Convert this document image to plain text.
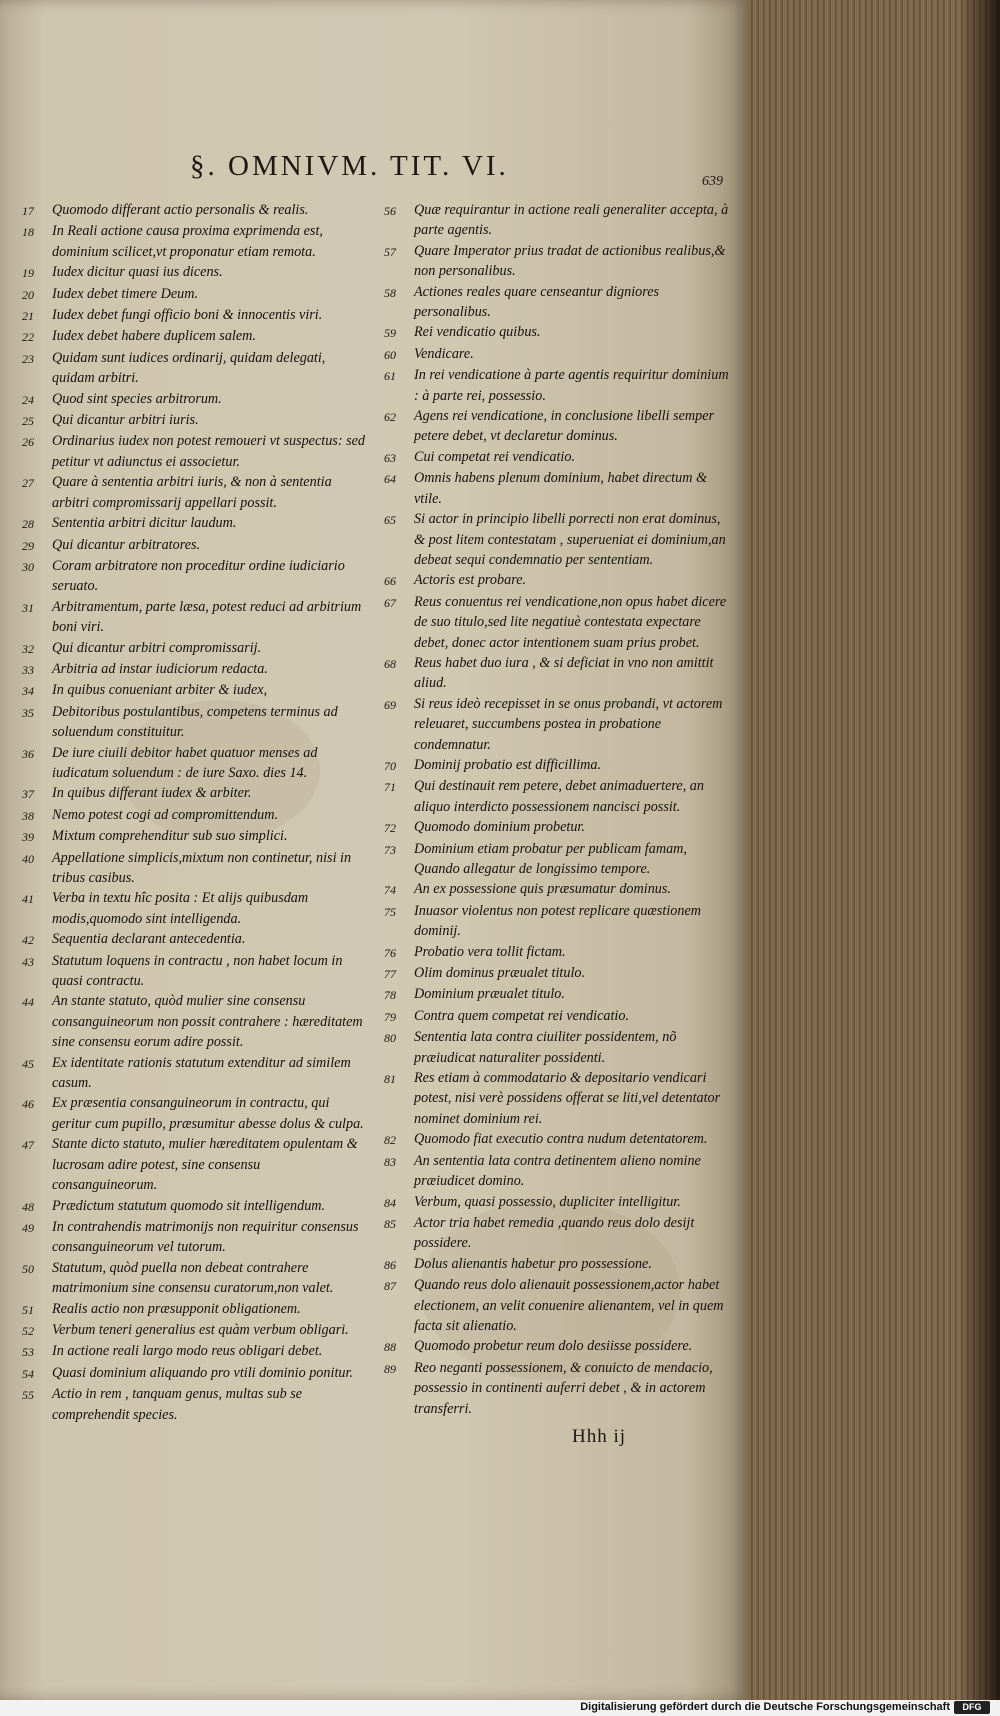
§. OMNIVM. TIT. VI.	639
17	Quomodo differant actio personalis & realis.
18	In Reali actione causa proxima exprimenda est, dominium scilicet,vt proponatur etiam remota.
19	Iudex dicitur quasi ius dicens.
20	Iudex debet timere Deum.
21	Iudex debet fungi officio boni & innocentis viri.
22	Iudex debet habere duplicem salem.
23	Quidam sunt iudices ordinarij, quidam delegati, quidam arbitri.
24	Quod sint species arbitrorum.
25	Qui dicantur arbitri iuris.
26	Ordinarius iudex non potest remoueri vt suspectus: sed petitur vt adiunctus ei associetur.
27	Quare à sententia arbitri iuris, & non à sententia arbitri compromissarij appellari possit.
28	Sententia arbitri dicitur laudum.
29	Qui dicantur arbitratores.
30	Coram arbitratore non proceditur ordine iudiciario seruato.
31	Arbitramentum, parte læsa, potest reduci ad arbitrium boni viri.
32	Qui dicantur arbitri compromissarij.
33	Arbitria ad instar iudiciorum redacta.
34	In quibus conueniant arbiter & iudex,
35	Debitoribus postulantibus, competens terminus ad soluendum constituitur.
36	De iure ciuili debitor habet quatuor menses ad iudicatum soluendum : de iure Saxo. dies 14.
37	In quibus differant iudex & arbiter.
38	Nemo potest cogi ad compromittendum.
39	Mixtum comprehenditur sub suo simplici.
40	Appellatione simplicis,mixtum non continetur, nisi in tribus casibus.
41	Verba in textu hîc posita : Et alijs quibusdam modis,quomodo sint intelligenda.
42	Sequentia declarant antecedentia.
43	Statutum loquens in contractu , non habet locum in quasi contractu.
44	An stante statuto, quòd mulier sine consensu consanguineorum non possit contrahere : hæreditatem sine consensu eorum adire possit.
45	Ex identitate rationis statutum extenditur ad similem casum.
46	Ex præsentia consanguineorum in contractu, qui geritur cum pupillo, præsumitur abesse dolus & culpa.
47	Stante dicto statuto, mulier hæreditatem opulentam & lucrosam adire potest, sine consensu consanguineorum.
48	Prædictum statutum quomodo sit intelligendum.
49	In contrahendis matrimonijs non requiritur consensus consanguineorum vel tutorum.
50	Statutum, quòd puella non debeat contrahere matrimonium sine consensu curatorum,non valet.
51	Realis actio non præsupponit obligationem.
52	Verbum teneri generalius est quàm verbum obligari.
53	In actione reali largo modo reus obligari debet.
54	Quasi dominium aliquando pro vtili dominio ponitur.
55	Actio in rem , tanquam genus, multas sub se comprehendit species.
56	Quæ requirantur in actione reali generaliter accepta, à parte agentis.
57	Quare Imperator prius tradat de actionibus realibus,& non personalibus.
58	Actiones reales quare censeantur digniores personalibus.
59	Rei vendicatio quibus.
60	Vendicare.
61	In rei vendicatione à parte agentis requiritur dominium : à parte rei, possessio.
62	Agens rei vendicatione, in conclusione libelli semper petere debet, vt declaretur dominus.
63	Cui competat rei vendicatio.
64	Omnis habens plenum dominium, habet directum & vtile.
65	Si actor in principio libelli porrecti non erat dominus, & post litem contestatam , superueniat ei dominium,an debeat sequi condemnatio per sententiam.
66	Actoris est probare.
67	Reus conuentus rei vendicatione,non opus habet dicere de suo titulo,sed lite negatiuè contestata expectare debet, donec actor intentionem suam prius probet.
68	Reus habet duo iura , & si deficiat in vno non amittit aliud.
69	Si reus ideò recepisset in se onus probandi, vt actorem releuaret, succumbens postea in probatione condemnatur.
70	Dominij probatio est difficillima.
71	Qui destinauit rem petere, debet animaduertere, an aliquo interdicto possessionem nancisci possit.
72	Quomodo dominium probetur.
73	Dominium etiam probatur per publicam famam, Quando allegatur de longissimo tempore.
74	An ex possessione quis præsumatur dominus.
75	Inuasor violentus non potest replicare quæstionem dominij.
76	Probatio vera tollit fictam.
77	Olim dominus præualet titulo.
78	Dominium præualet titulo.
79	Contra quem competat rei vendicatio.
80	Sententia lata contra ciuiliter possidentem, nõ præiudicat naturaliter possidenti.
81	Res etiam à commodatario & depositario vendicari potest, nisi verè possidens offerat se liti,vel detentator nominet dominium rei.
82	Quomodo fiat executio contra nudum detentatorem.
83	An sententia lata contra detinentem alieno nomine præiudicet domino.
84	Verbum, quasi possessio, dupliciter intelligitur.
85	Actor tria habet remedia ,quando reus dolo desijt possidere.
86	Dolus alienantis habetur pro possessione.
87	Quando reus dolo alienauit possessionem,actor habet electionem, an velit conuenire alienantem, vel in quem facta sit alienatio.
88	Quomodo probetur reum dolo desiisse possidere.
89	Reo neganti possessionem, & conuicto de mendacio, possessio in continenti auferri debet , & in actorem transferri.
Hhh ij
Digitalisierung gefördert durch die Deutsche Forschungsgemeinschaft	DFG
